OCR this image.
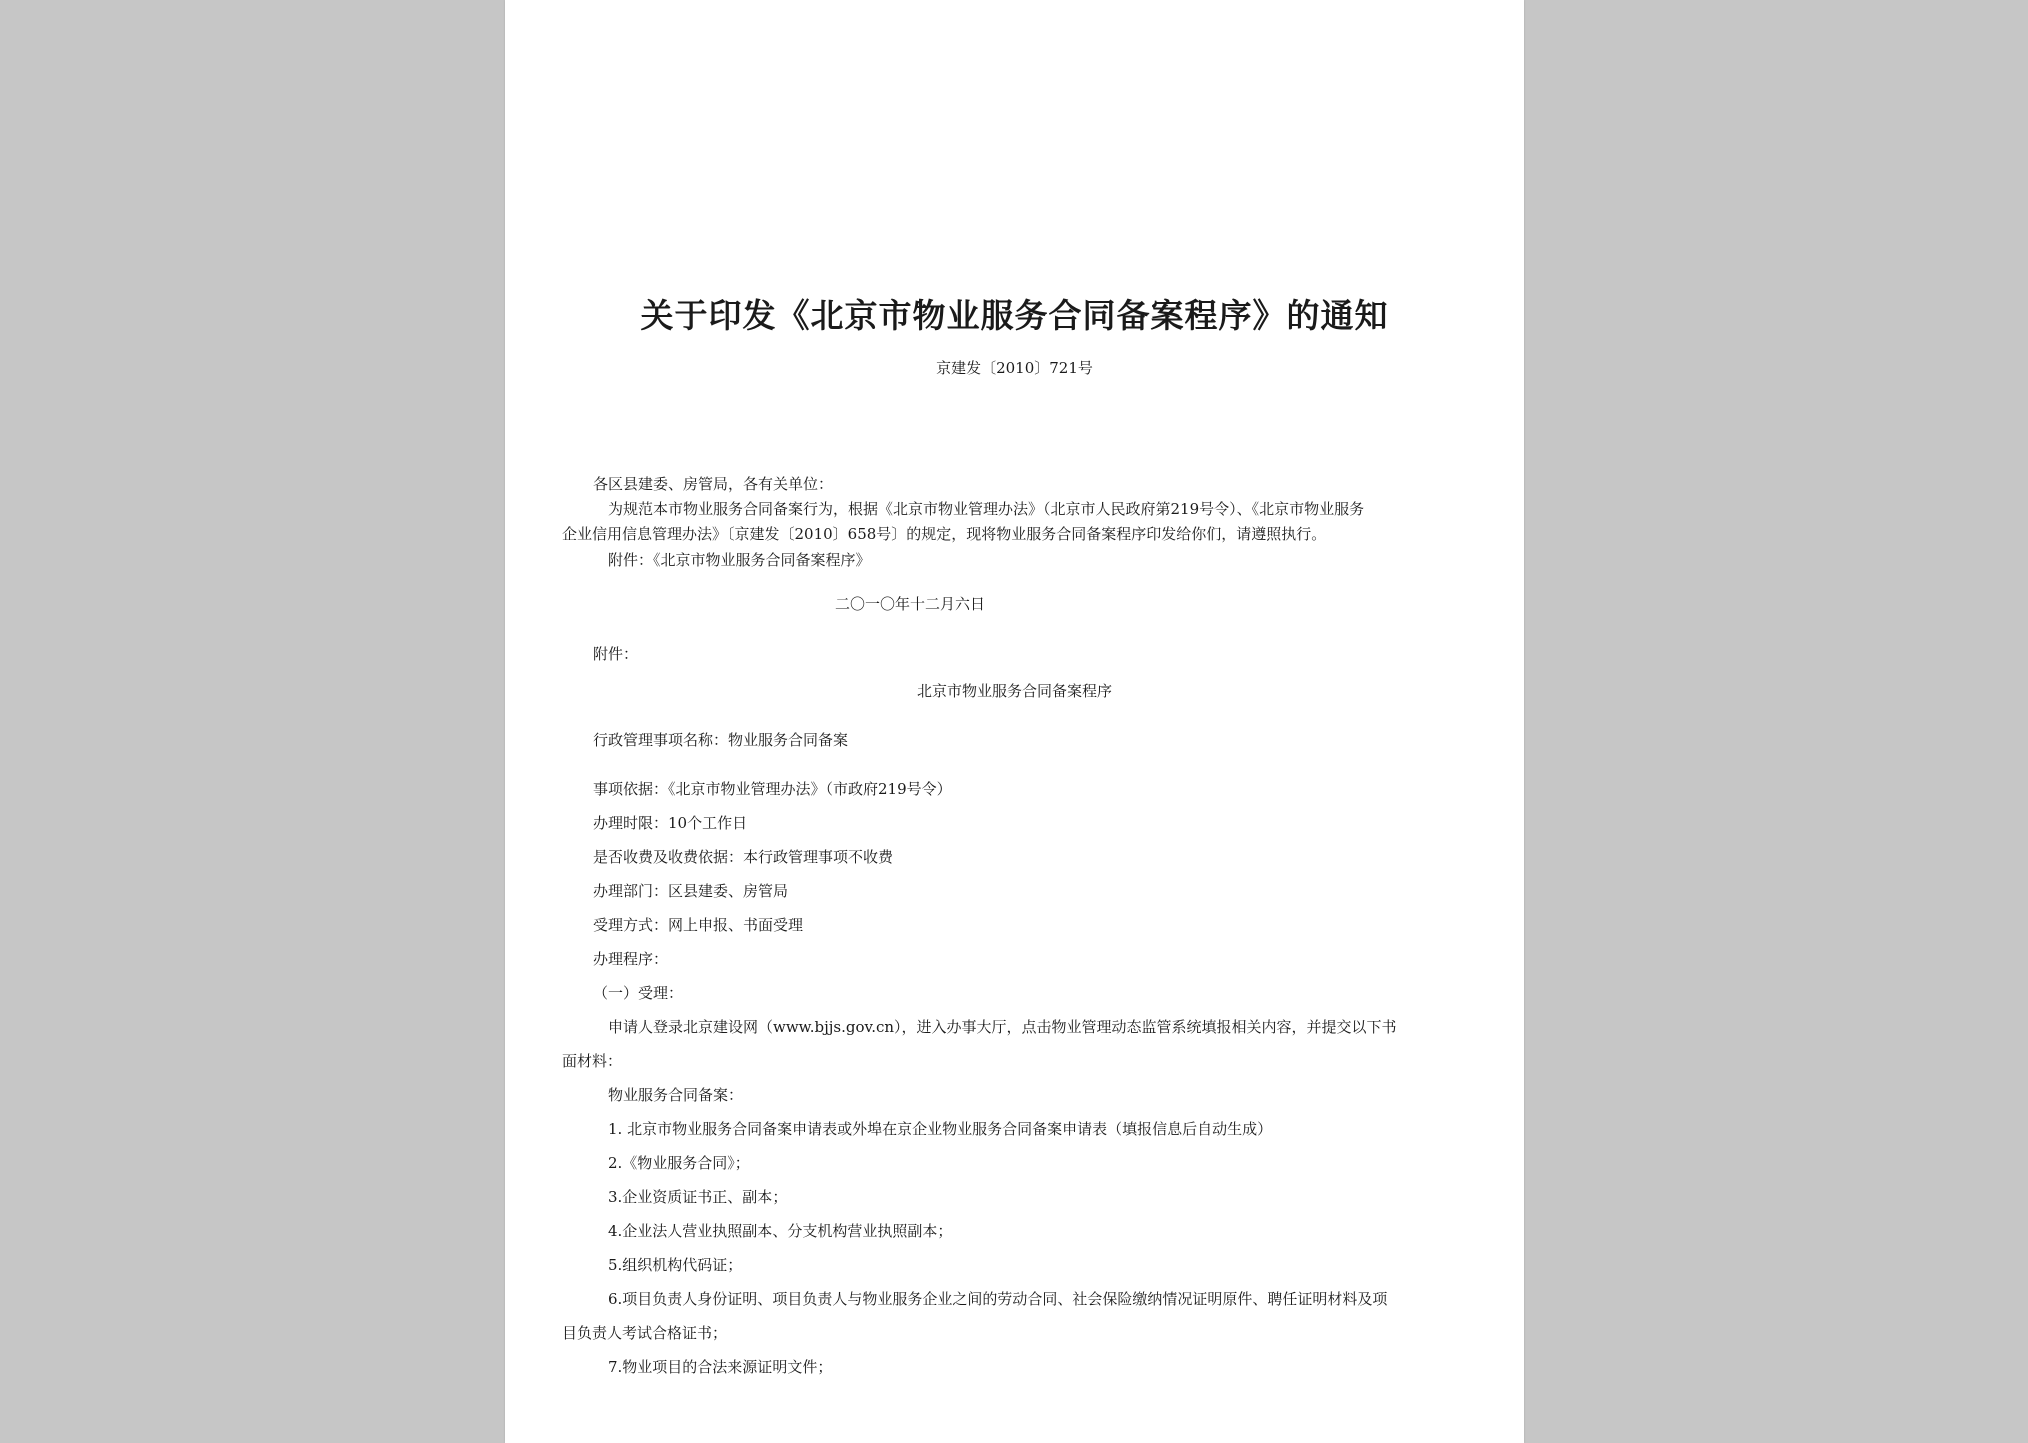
关于印发《北京市物业服务合同备案程序》的通知
京建发〔2010〕721号
各区县建委、房管局，各有关单位：
为规范本市物业服务合同备案行为，根据《北京市物业管理办法》（北京市人民政府第219号令）、《北京市物业服务
企业信用信息管理办法》〔京建发〔2010〕658号〕的规定，现将物业服务合同备案程序印发给你们，请遵照执行。
附件：《北京市物业服务合同备案程序》
二〇一〇年十二月六日
附件：
北京市物业服务合同备案程序
行政管理事项名称：物业服务合同备案
事项依据：《北京市物业管理办法》（市政府219号令）
办理时限：10个工作日
是否收费及收费依据：本行政管理事项不收费
办理部门：区县建委、房管局
受理方式：网上申报、书面受理
办理程序：
（一）受理：
申请人登录北京建设网（www.bjjs.gov.cn），进入办事大厅，点击物业管理动态监管系统填报相关内容，并提交以下书
面材料：
物业服务合同备案：
1. 北京市物业服务合同备案申请表或外埠在京企业物业服务合同备案申请表（填报信息后自动生成）
2.《物业服务合同》；
3.企业资质证书正、副本；
4.企业法人营业执照副本、分支机构营业执照副本；
5.组织机构代码证；
6.项目负责人身份证明、项目负责人与物业服务企业之间的劳动合同、社会保险缴纳情况证明原件、聘任证明材料及项
目负责人考试合格证书；
7.物业项目的合法来源证明文件；
